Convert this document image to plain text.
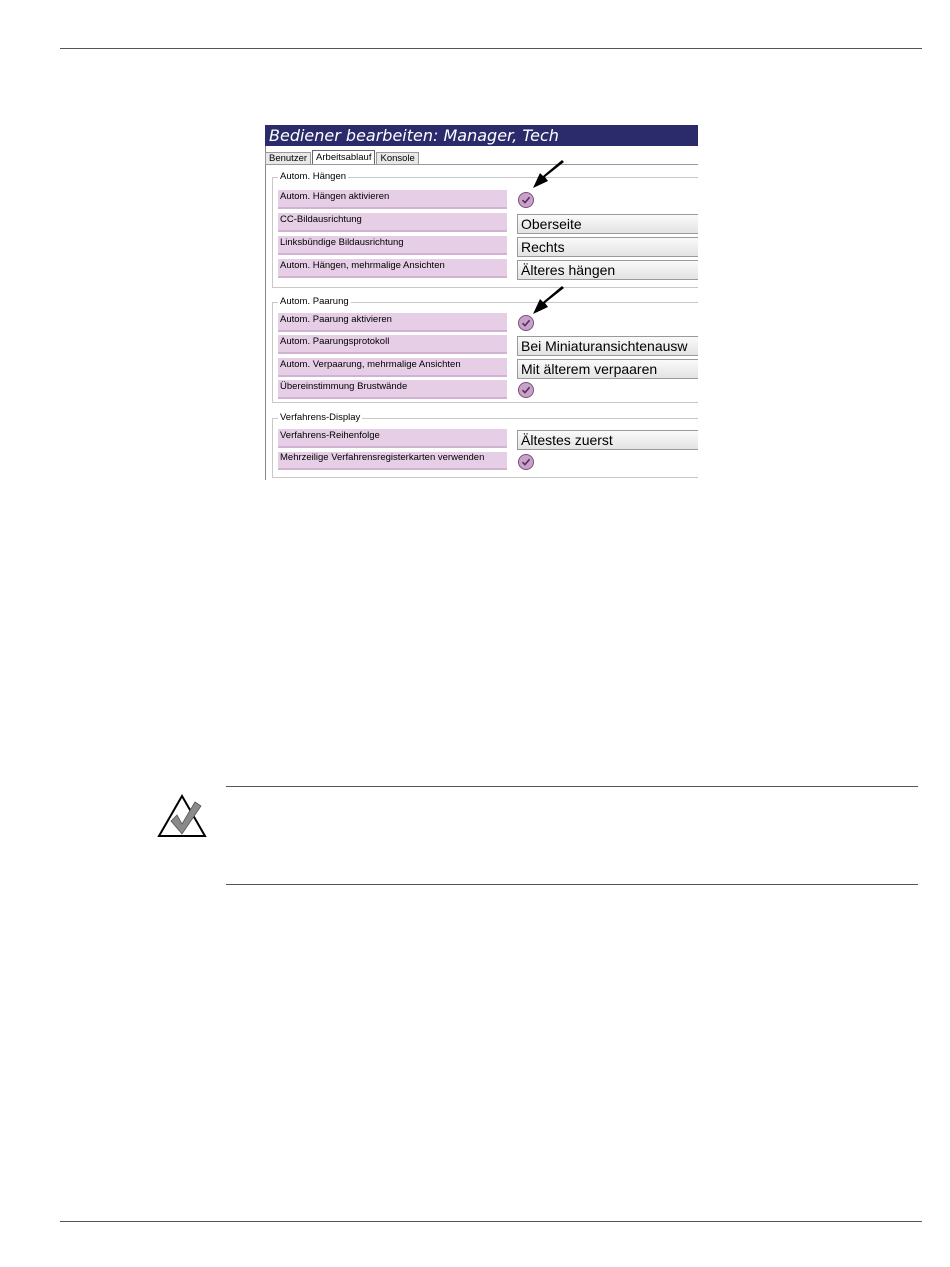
Bediener bearbeiten: Manager, Tech
Benutzer Arbeitsablauf Konsole
Autom. Hängen
Autom. Hängen aktivieren
CC-Bildausrichtung	Oberseite
Linksbündige Bildausrichtung	Rechts
Autom. Hängen, mehrmalige Ansichten	Älteres hängen
Autom. Paarung
Autom. Paarung aktivieren
Autom. Paarungsprotokoll	Bei Miniaturansichtenausw
Autom. Verpaarung, mehrmalige Ansichten	Mit älterem verpaaren
Übereinstimmung Brustwände
Verfahrens-Display
Verfahrens-Reihenfolge	Ältestes zuerst
Mehrzeilige Verfahrensregisterkarten verwenden
